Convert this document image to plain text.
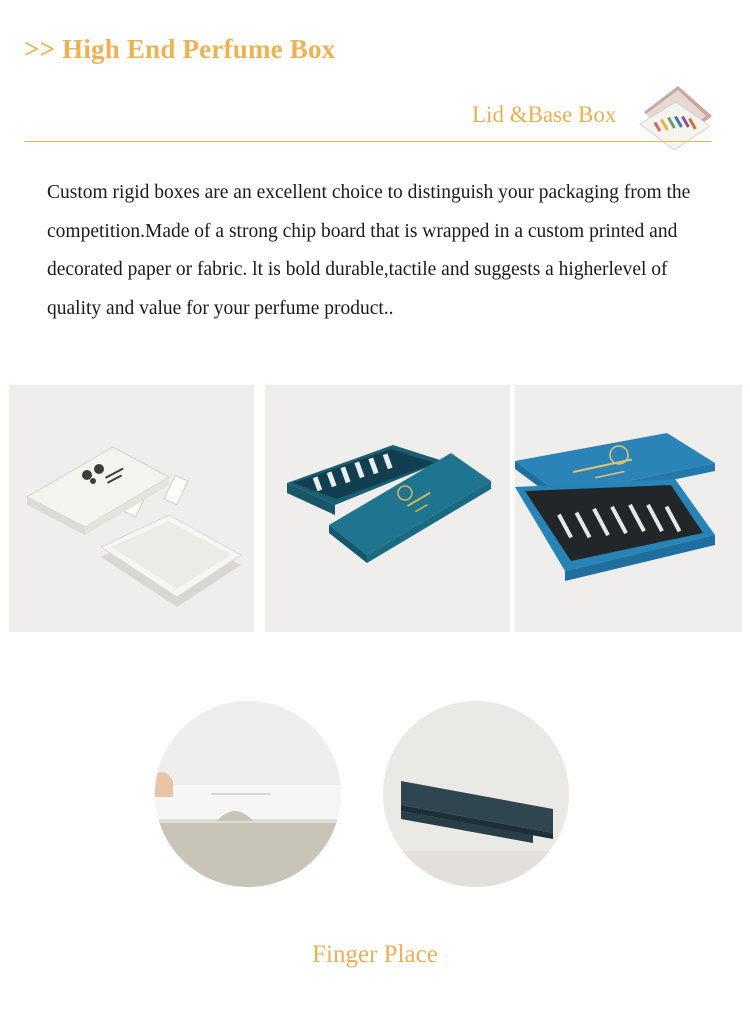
>> High End Perfume Box
Lid &Base Box

Custom rigid boxes are an excellent choice to distinguish your packaging from the competition.Made of a strong chip board that is wrapped in a custom printed and decorated paper or fabric. lt is bold durable,tactile and suggests a higherlevel of quality and value for your perfume product..

Finger Place
